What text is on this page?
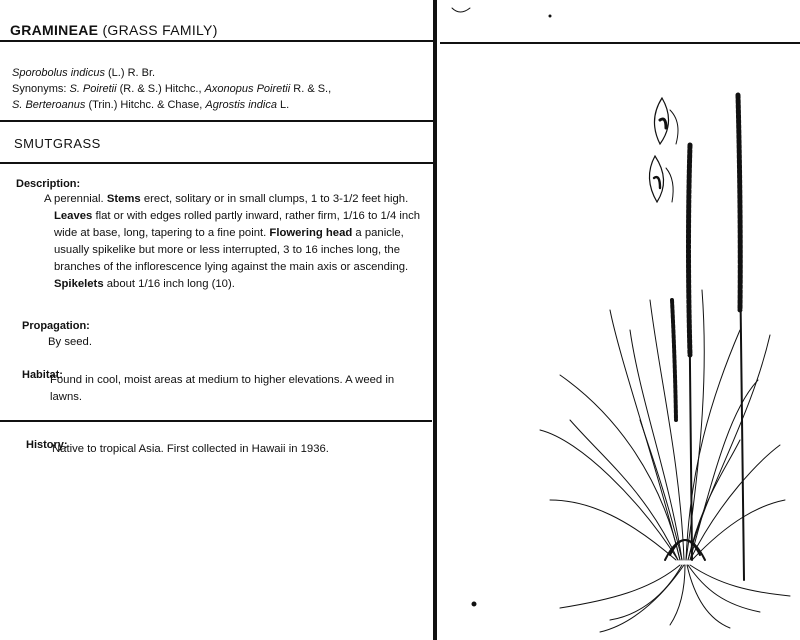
GRAMINEAE (GRASS FAMILY)
Sporobolus indicus (L.) R. Br.
Synonyms: S. Poiretii (R. & S.) Hitchc., Axonopus Poiretii R. & S.,
S. Berteroanus (Trin.) Hitchc. & Chase, Agrostis indica L.
SMUTGRASS
Description:
A perennial. Stems erect, solitary or in small clumps, 1 to 3-1/2 feet high. Leaves flat or with edges rolled partly inward, rather firm, 1/16 to 1/4 inch wide at base, long, tapering to a fine point. Flowering head a panicle, usually spikelike but more or less interrupted, 3 to 16 inches long, the branches of the inflorescence lying against the main axis or ascending. Spikelets about 1/16 inch long (10).
Propagation:
By seed.
Habitat:
Found in cool, moist areas at medium to higher elevations. A weed in lawns.
History:
Native to tropical Asia. First collected in Hawaii in 1936.
